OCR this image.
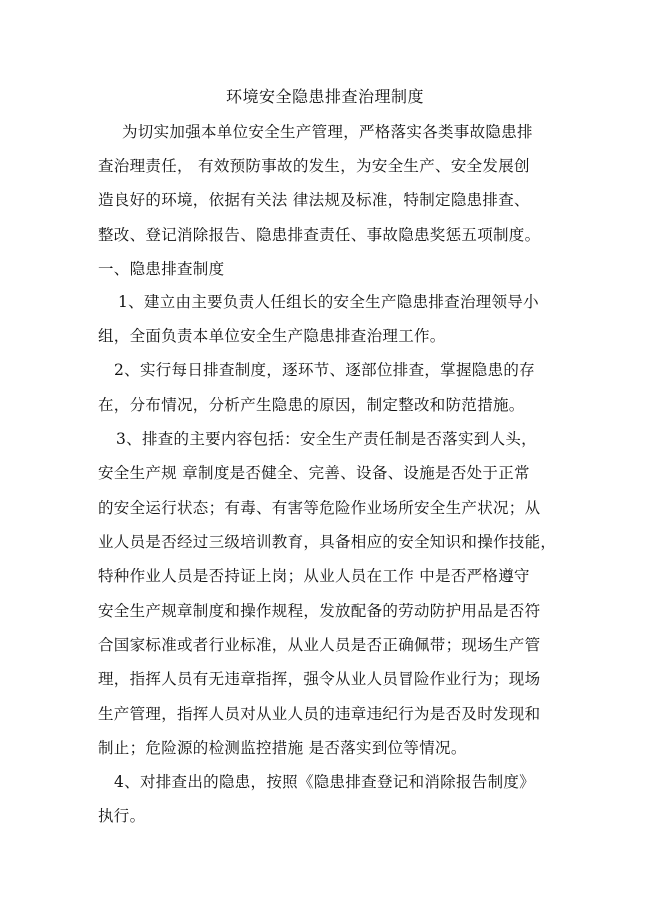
环境安全隐患排查治理制度
为切实加强本单位安全生产管理，严格落实各类事故隐患排
查治理责任， 有效预防事故的发生，为安全生产、安全发展创
造良好的环境，依据有关法 律法规及标准，特制定隐患排查、
整改、登记消除报告、隐患排查责任、事故隐患奖惩五项制度。
一、隐患排查制度
1、建立由主要负责人任组长的安全生产隐患排查治理领导小
组，全面负责本单位安全生产隐患排查治理工作。
2、实行每日排查制度，逐环节、逐部位排查，掌握隐患的存
在，分布情况，分析产生隐患的原因，制定整改和防范措施。
3、排查的主要内容包括：安全生产责任制是否落实到人头，
安全生产规 章制度是否健全、完善、设备、设施是否处于正常
的安全运行状态；有毒、有害等危险作业场所安全生产状况；从
业人员是否经过三级培训教育，具备相应的安全知识和操作技能，
特种作业人员是否持证上岗；从业人员在工作 中是否严格遵守
安全生产规章制度和操作规程，发放配备的劳动防护用品是否符
合国家标准或者行业标准，从业人员是否正确佩带；现场生产管
理，指挥人员有无违章指挥，强令从业人员冒险作业行为；现场
生产管理，指挥人员对从业人员的违章违纪行为是否及时发现和
制止；危险源的检测监控措施 是否落实到位等情况。
4、对排查出的隐患，按照《隐患排查登记和消除报告制度》
执行。
